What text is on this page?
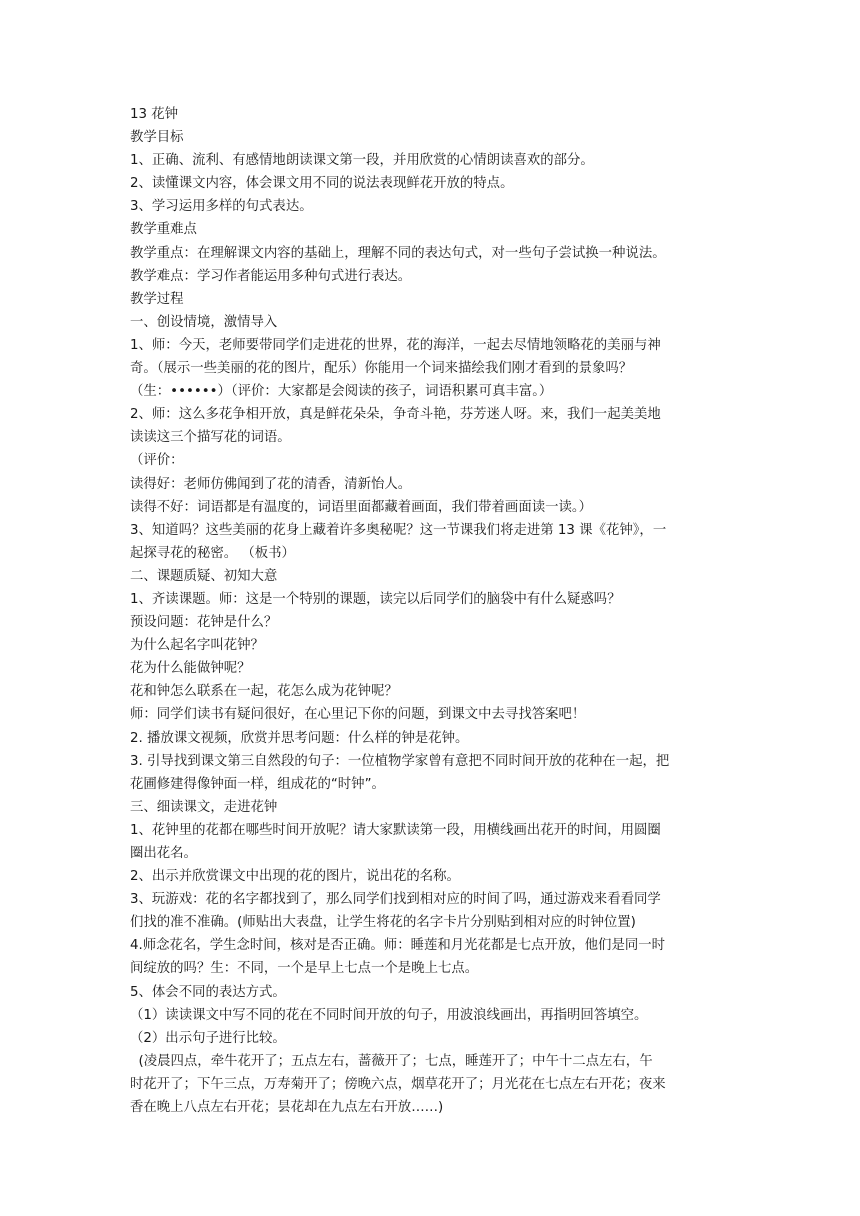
13 花钟
教学目标
1、正确、流利、有感情地朗读课文第一段，并用欣赏的心情朗读喜欢的部分。
2、读懂课文内容，体会课文用不同的说法表现鲜花开放的特点。
3、学习运用多样的句式表达。
教学重难点
教学重点：在理解课文内容的基础上，理解不同的表达句式，对一些句子尝试换一种说法。
教学难点：学习作者能运用多种句式进行表达。
教学过程
一、创设情境，激情导入
1、师：今天，老师要带同学们走进花的世界，花的海洋，一起去尽情地领略花的美丽与神
奇。（展示一些美丽的花的图片，配乐）你能用一个词来描绘我们刚才看到的景象吗？
（生：••••••）（评价：大家都是会阅读的孩子，词语积累可真丰富。）
2、师：这么多花争相开放，真是鲜花朵朵，争奇斗艳，芬芳迷人呀。来，我们一起美美地
读读这三个描写花的词语。
（评价：
读得好：老师仿佛闻到了花的清香，清新怡人。
读得不好：词语都是有温度的，词语里面都藏着画面，我们带着画面读一读。）
3、知道吗？这些美丽的花身上藏着许多奥秘呢？这一节课我们将走进第 13 课《花钟》，一
起探寻花的秘密。 （板书）
二、课题质疑、初知大意
1、齐读课题。师：这是一个特别的课题，读完以后同学们的脑袋中有什么疑惑吗？
预设问题：花钟是什么？
为什么起名字叫花钟？
花为什么能做钟呢？
花和钟怎么联系在一起，花怎么成为花钟呢？
师：同学们读书有疑问很好，在心里记下你的问题，到课文中去寻找答案吧！
2. 播放课文视频，欣赏并思考问题：什么样的钟是花钟。
3. 引导找到课文第三自然段的句子：一位植物学家曾有意把不同时间开放的花种在一起，把
花圃修建得像钟面一样，组成花的“时钟”。
三、细读课文，走进花钟
1、花钟里的花都在哪些时间开放呢？请大家默读第一段，用横线画出花开的时间，用圆圈
圈出花名。
2、出示并欣赏课文中出现的花的图片，说出花的名称。
3、玩游戏：花的名字都找到了，那么同学们找到相对应的时间了吗，通过游戏来看看同学
们找的准不准确。(师贴出大表盘，让学生将花的名字卡片分别贴到相对应的时钟位置)
4.师念花名，学生念时间，核对是否正确。师：睡莲和月光花都是七点开放，他们是同一时
间绽放的吗？生：不同，一个是早上七点一个是晚上七点。
5、体会不同的表达方式。
（1）读读课文中写不同的花在不同时间开放的句子，用波浪线画出，再指明回答填空。
（2）出示句子进行比较。
(凌晨四点，牵牛花开了；五点左右，蔷薇开了；七点，睡莲开了；中午十二点左右，午
时花开了；下午三点，万寿菊开了；傍晚六点，烟草花开了；月光花在七点左右开花；夜来
香在晚上八点左右开花；昙花却在九点左右开放……)
